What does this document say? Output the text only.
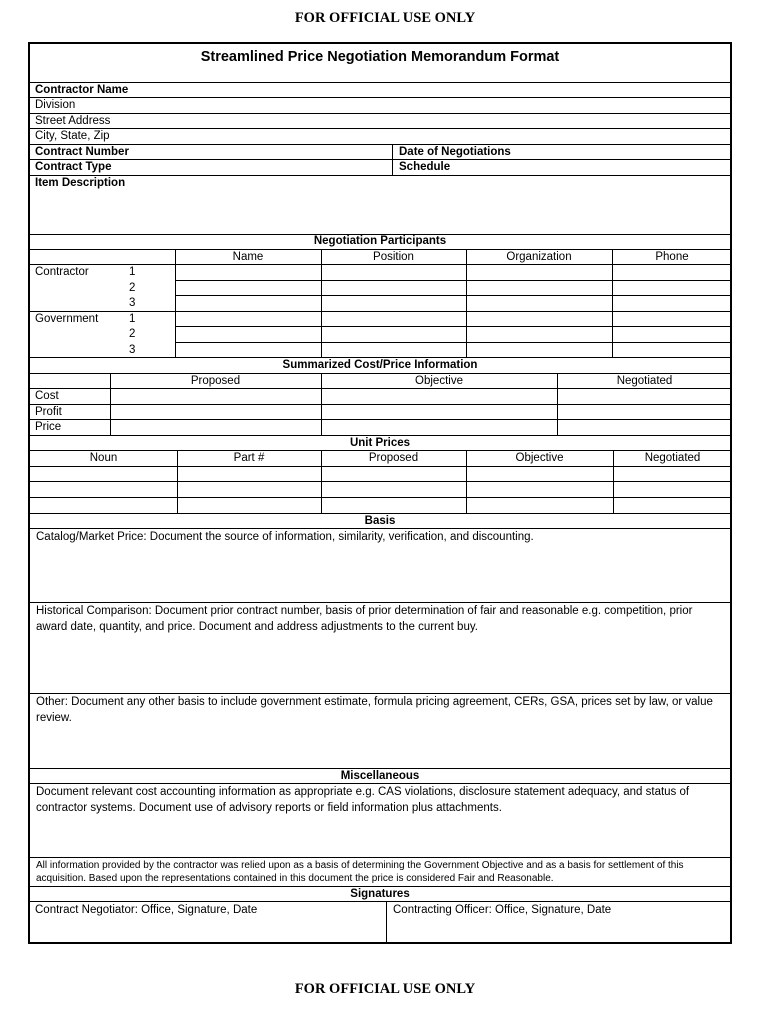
FOR OFFICIAL USE ONLY
Streamlined Price Negotiation Memorandum Format
Contractor Name
Division
Street Address
City, State, Zip
Contract Number	Date of Negotiations
Contract Type	Schedule
Item Description
Negotiation Participants
Name	Position	Organization	Phone
Contractor	1
2
3
Government	1
2
3
Summarized Cost/Price Information
Proposed	Objective	Negotiated
Cost
Profit
Price
Unit Prices
Noun	Part #	Proposed	Objective	Negotiated
Basis
Catalog/Market Price: Document the source of information, similarity, verification, and discounting.
Historical Comparison: Document prior contract number, basis of prior determination of fair and reasonable e.g. competition, prior award date, quantity, and price. Document and address adjustments to the current buy.
Other: Document any other basis to include government estimate, formula pricing agreement, CERs, GSA, prices set by law, or value review.
Miscellaneous
Document relevant cost accounting information as appropriate e.g. CAS violations, disclosure statement adequacy, and status of contractor systems. Document use of advisory reports or field information plus attachments.
All information provided by the contractor was relied upon as a basis of determining the Government Objective and as a basis for settlement of this acquisition. Based upon the representations contained in this document the price is considered Fair and Reasonable.
Signatures
Contract Negotiator: Office, Signature, Date	Contracting Officer: Office, Signature, Date
FOR OFFICIAL USE ONLY
